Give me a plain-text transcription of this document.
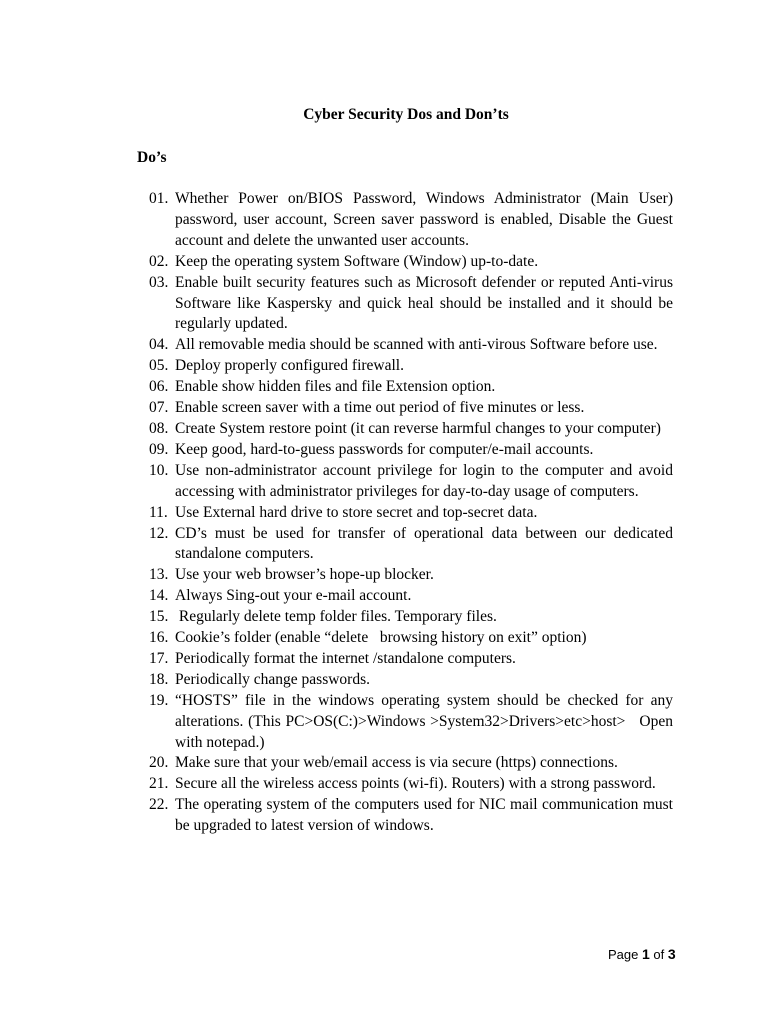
Cyber Security Dos and Don’ts
Do’s
01. Whether Power on/BIOS Password, Windows Administrator (Main User) password, user account, Screen saver password is enabled, Disable the Guest account and delete the unwanted user accounts.
02. Keep the operating system Software (Window) up-to-date.
03. Enable built security features such as Microsoft defender or reputed Anti-virus Software like Kaspersky and quick heal should be installed and it should be regularly updated.
04. All removable media should be scanned with anti-virous Software before use.
05. Deploy properly configured firewall.
06. Enable show hidden files and file Extension option.
07. Enable screen saver with a time out period of five minutes or less.
08. Create System restore point (it can reverse harmful changes to your computer)
09. Keep good, hard-to-guess passwords for computer/e-mail accounts.
10. Use non-administrator account privilege for login to the computer and avoid accessing with administrator privileges for day-to-day usage of computers.
11. Use External hard drive to store secret and top-secret data.
12. CD’s must be used for transfer of operational data between our dedicated standalone computers.
13. Use your web browser’s hope-up blocker.
14. Always Sing-out your e-mail account.
15. Regularly delete temp folder files. Temporary files.
16. Cookie’s folder (enable “delete   browsing history on exit” option)
17. Periodically format the internet /standalone computers.
18. Periodically change passwords.
19. “HOSTS” file in the windows operating system should be checked for any alterations. (This PC>OS(C:)>Windows >System32>Drivers>etc>host>   Open with notepad.)
20. Make sure that your web/email access is via secure (https) connections.
21. Secure all the wireless access points (wi-fi). Routers) with a strong password.
22. The operating system of the computers used for NIC mail communication must be upgraded to latest version of windows.
Page 1 of 3
